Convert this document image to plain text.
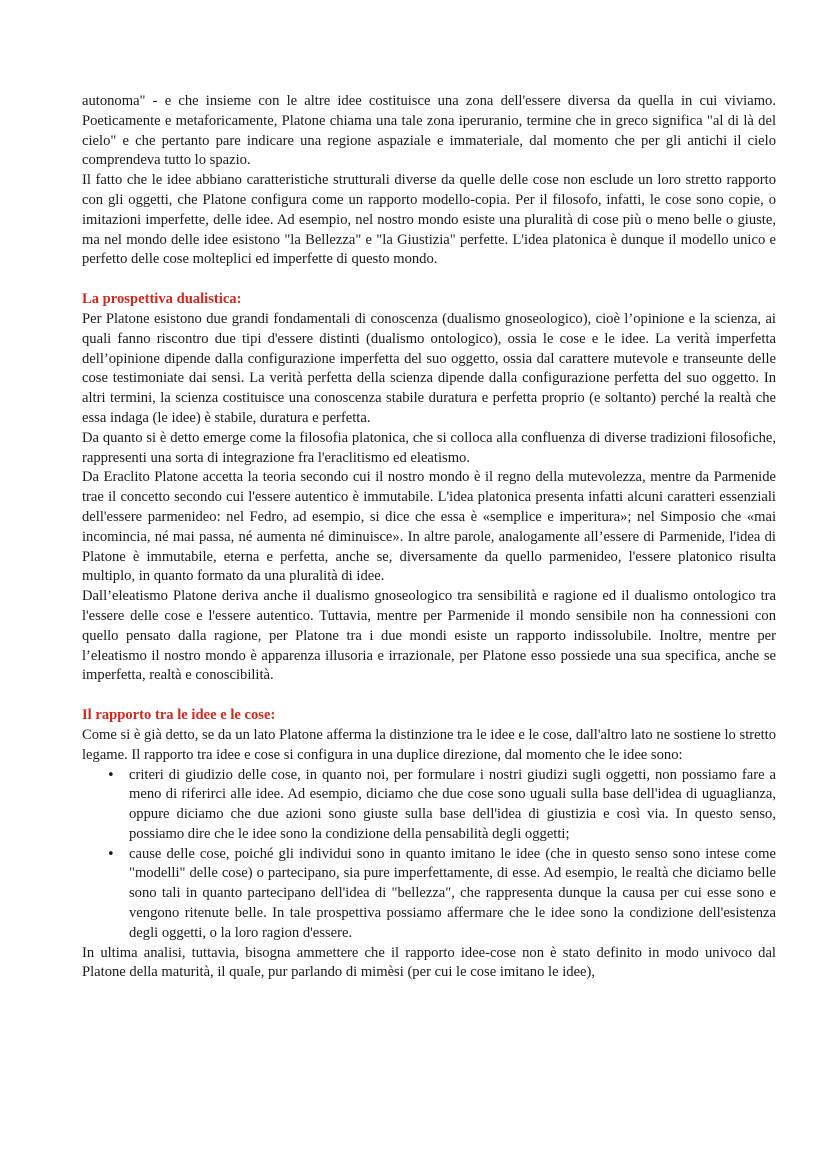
autonoma" - e che insieme con le altre idee costituisce una zona dell'essere diversa da quella in cui viviamo. Poeticamente e metaforicamente, Platone chiama una tale zona iperuranio, termine che in greco significa "al di là del cielo" e che pertanto pare indicare una regione aspaziale e immateriale, dal momento che per gli antichi il cielo comprendeva tutto lo spazio.

Il fatto che le idee abbiano caratteristiche strutturali diverse da quelle delle cose non esclude un loro stretto rapporto con gli oggetti, che Platone configura come un rapporto modello-copia. Per il filosofo, infatti, le cose sono copie, o imitazioni imperfette, delle idee. Ad esempio, nel nostro mondo esiste una pluralità di cose più o meno belle o giuste, ma nel mondo delle idee esistono "la Bellezza" e "la Giustizia" perfette. L'idea platonica è dunque il modello unico e perfetto delle cose molteplici ed imperfette di questo mondo.

La prospettiva dualistica:

Per Platone esistono due grandi fondamentali di conoscenza (dualismo gnoseologico), cioè l’opinione e la scienza, ai quali fanno riscontro due tipi d'essere distinti (dualismo ontologico), ossia le cose e le idee. La verità imperfetta dell’opinione dipende dalla configurazione imperfetta del suo oggetto, ossia dal carattere mutevole e transeunte delle cose testimoniate dai sensi. La verità perfetta della scienza dipende dalla configurazione perfetta del suo oggetto. In altri termini, la scienza costituisce una conoscenza stabile duratura e perfetta proprio (e soltanto) perché la realtà che essa indaga (le idee) è stabile, duratura e perfetta.

Da quanto si è detto emerge come la filosofia platonica, che si colloca alla confluenza di diverse tradizioni filosofiche, rappresenti una sorta di integrazione fra l'eraclitismo ed eleatismo.

Da Eraclito Platone accetta la teoria secondo cui il nostro mondo è il regno della mutevolezza, mentre da Parmenide trae il concetto secondo cui l'essere autentico è immutabile. L'idea platonica presenta infatti alcuni caratteri essenziali dell'essere parmenideo: nel Fedro, ad esempio, si dice che essa è «semplice e imperitura»; nel Simposio che «mai incomincia, né mai passa, né aumenta né diminuisce». In altre parole, analogamente all’essere di Parmenide, l'idea di Platone è immutabile, eterna e perfetta, anche se, diversamente da quello parmenideo, l'essere platonico risulta multiplo, in quanto formato da una pluralità di idee.

Dall’eleatismo Platone deriva anche il dualismo gnoseologico tra sensibilità e ragione ed il dualismo ontologico tra l'essere delle cose e l'essere autentico. Tuttavia, mentre per Parmenide il mondo sensibile non ha connessioni con quello pensato dalla ragione, per Platone tra i due mondi esiste un rapporto indissolubile. Inoltre, mentre per l’eleatismo il nostro mondo è apparenza illusoria e irrazionale, per Platone esso possiede una sua specifica, anche se imperfetta, realtà e conoscibilità.

Il rapporto tra le idee e le cose:

Come si è già detto, se da un lato Platone afferma la distinzione tra le idee e le cose, dall'altro lato ne sostiene lo stretto legame. Il rapporto tra idee e cose si configura in una duplice direzione, dal momento che le idee sono:

• criteri di giudizio delle cose, in quanto noi, per formulare i nostri giudizi sugli oggetti, non possiamo fare a meno di riferirci alle idee. Ad esempio, diciamo che due cose sono uguali sulla base dell'idea di uguaglianza, oppure diciamo che due azioni sono giuste sulla base dell'idea di giustizia e così via. In questo senso, possiamo dire che le idee sono la condizione della pensabilità degli oggetti;
• cause delle cose, poiché gli individui sono in quanto imitano le idee (che in questo senso sono intese come "modelli" delle cose) o partecipano, sia pure imperfettamente, di esse. Ad esempio, le realtà che diciamo belle sono tali in quanto partecipano dell'idea di "bellezza", che rappresenta dunque la causa per cui esse sono e vengono ritenute belle. In tale prospettiva possiamo affermare che le idee sono la condizione dell'esistenza degli oggetti, o la loro ragion d'essere.

In ultima analisi, tuttavia, bisogna ammettere che il rapporto idee-cose non è stato definito in modo univoco dal Platone della maturità, il quale, pur parlando di mimèsi (per cui le cose imitano le idee),
